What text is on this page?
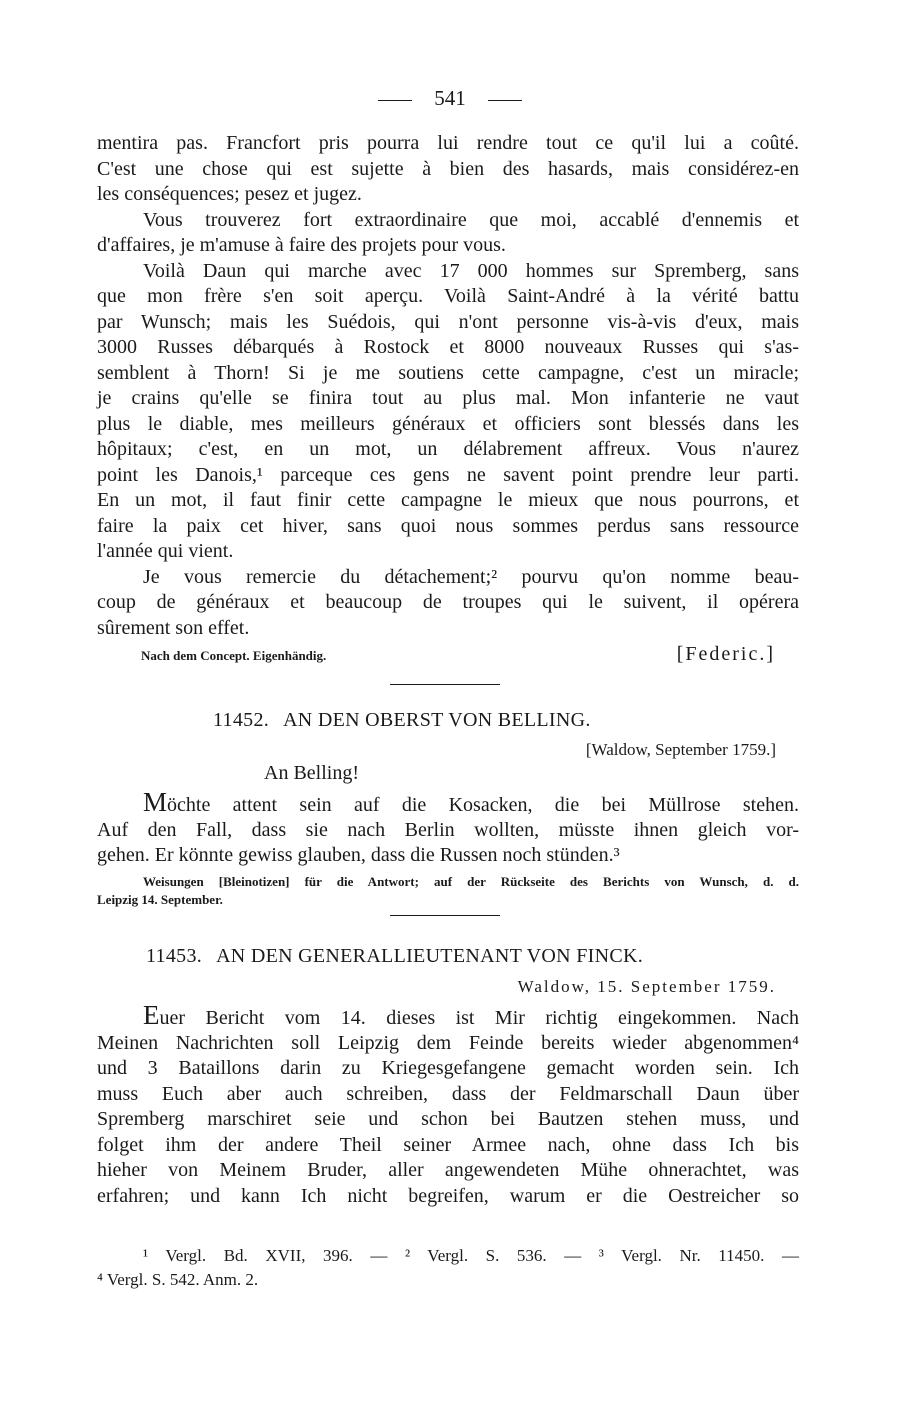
541
mentira pas. Francfort pris pourra lui rendre tout ce qu'il lui a coûté.
C'est une chose qui est sujette à bien des hasards, mais considérez-en
les conséquences; pesez et jugez.
Vous trouverez fort extraordinaire que moi, accablé d'ennemis et
d'affaires, je m'amuse à faire des projets pour vous.
Voilà Daun qui marche avec 17 000 hommes sur Spremberg, sans
que mon frère s'en soit aperçu. Voilà Saint-André à la vérité battu
par Wunsch; mais les Suédois, qui n'ont personne vis-à-vis d'eux, mais
3000 Russes débarqués à Rostock et 8000 nouveaux Russes qui s'as-
semblent à Thorn! Si je me soutiens cette campagne, c'est un miracle;
je crains qu'elle se finira tout au plus mal. Mon infanterie ne vaut
plus le diable, mes meilleurs généraux et officiers sont blessés dans les
hôpitaux; c'est, en un mot, un délabrement affreux. Vous n'aurez
point les Danois,¹ parceque ces gens ne savent point prendre leur parti.
En un mot, il faut finir cette campagne le mieux que nous pourrons, et
faire la paix cet hiver, sans quoi nous sommes perdus sans ressource
l'année qui vient.
Je vous remercie du détachement;² pourvu qu'on nomme beau-
coup de généraux et beaucoup de troupes qui le suivent, il opérera
sûrement son effet.
Nach dem Concept. Eigenhändig.	[Federic.]
11452. AN DEN OBERST VON BELLING.
[Waldow, September 1759.]
An Belling!
Möchte attent sein auf die Kosacken, die bei Müllrose stehen.
Auf den Fall, dass sie nach Berlin wollten, müsste ihnen gleich vor-
gehen. Er könnte gewiss glauben, dass die Russen noch stünden.³
Weisungen [Bleinotizen] für die Antwort; auf der Rückseite des Berichts von Wunsch, d. d.
Leipzig 14. September.
11453. AN DEN GENERALLIEUTENANT VON FINCK.
Waldow, 15. September 1759.
Euer Bericht vom 14. dieses ist Mir richtig eingekommen. Nach
Meinen Nachrichten soll Leipzig dem Feinde bereits wieder abgenommen⁴
und 3 Bataillons darin zu Kriegesgefangene gemacht worden sein. Ich
muss Euch aber auch schreiben, dass der Feldmarschall Daun über
Spremberg marschiret seie und schon bei Bautzen stehen muss, und
folget ihm der andere Theil seiner Armee nach, ohne dass Ich bis
hieher von Meinem Bruder, aller angewendeten Mühe ohnerachtet, was
erfahren; und kann Ich nicht begreifen, warum er die Oestreicher so
¹ Vergl. Bd. XVII, 396. — ² Vergl. S. 536. — ³ Vergl. Nr. 11450. —
⁴ Vergl. S. 542. Anm. 2.
